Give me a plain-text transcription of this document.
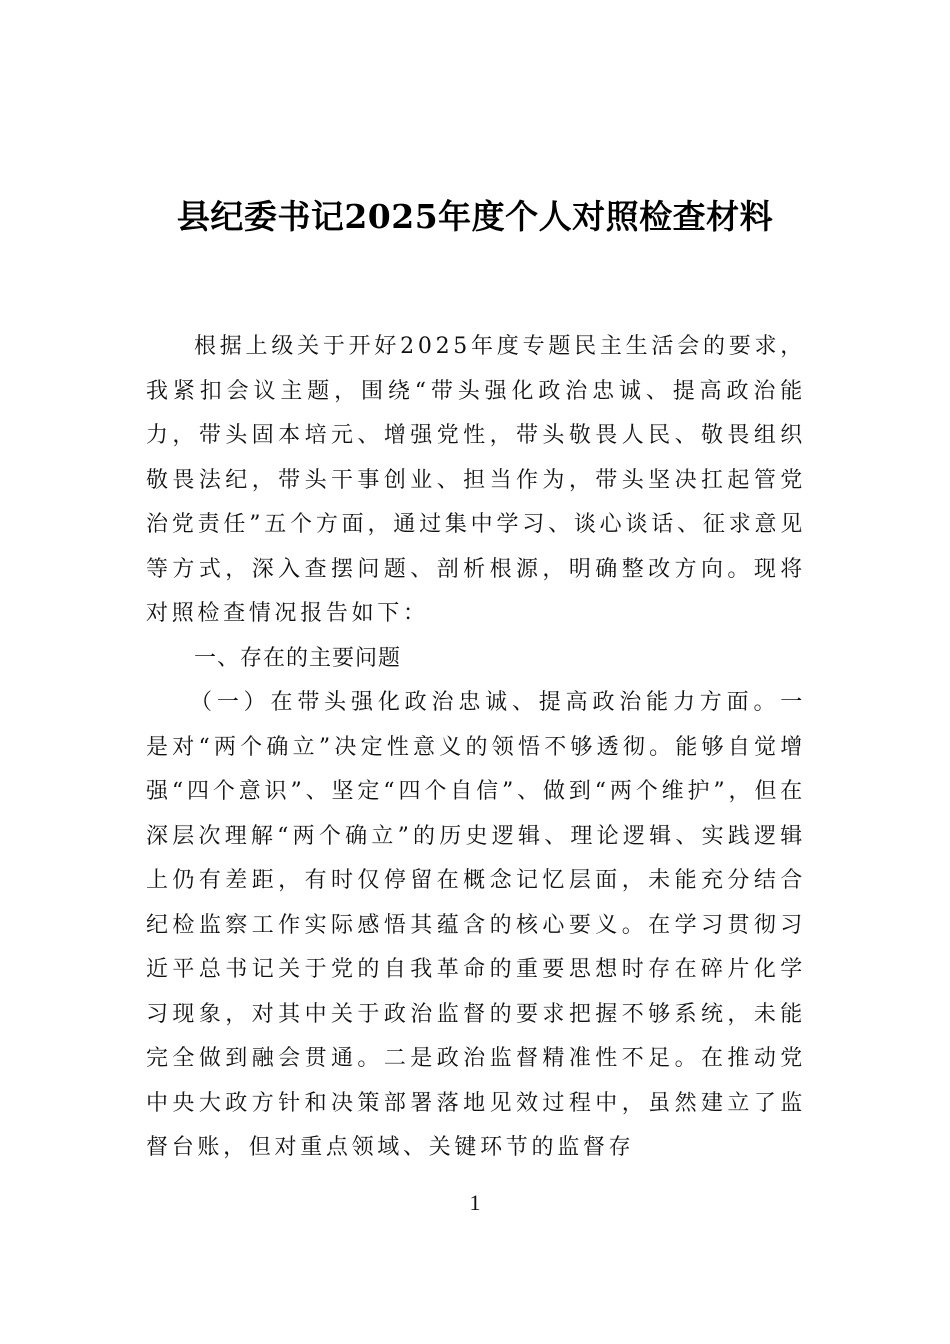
县纪委书记2025年度个人对照检查材料

根据上级关于开好2025年度专题民主生活会的要求，我紧扣会议主题，围绕“带头强化政治忠诚、提高政治能力，带头固本培元、增强党性，带头敬畏人民、敬畏组织敬畏法纪，带头干事创业、担当作为，带头坚决扛起管党治党责任”五个方面，通过集中学习、谈心谈话、征求意见等方式，深入查摆问题、剖析根源，明确整改方向。现将对照检查情况报告如下：

一、存在的主要问题

（一）在带头强化政治忠诚、提高政治能力方面。一是对“两个确立”决定性意义的领悟不够透彻。能够自觉增强“四个意识”、坚定“四个自信”、做到“两个维护”，但在深层次理解“两个确立”的历史逻辑、理论逻辑、实践逻辑上仍有差距，有时仅停留在概念记忆层面，未能充分结合纪检监察工作实际感悟其蕴含的核心要义。在学习贯彻习近平总书记关于党的自我革命的重要思想时存在碎片化学习现象，对其中关于政治监督的要求把握不够系统，未能完全做到融会贯通。二是政治监督精准性不足。在推动党中央大政方针和决策部署落地见效过程中，虽然建立了监督台账，但对重点领域、关键环节的监督存

1
